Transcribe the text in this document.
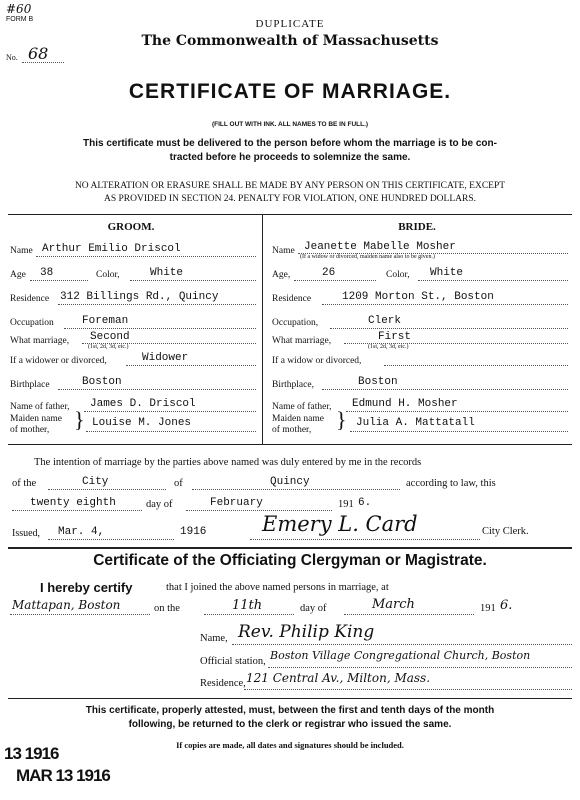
#60
FORM B
No. 68
DUPLICATE
The Commonwealth of Massachusetts
CERTIFICATE OF MARRIAGE.
(FILL OUT WITH INK. ALL NAMES TO BE IN FULL.)
This certificate must be delivered to the person before whom the marriage is to be con-
tracted before he proceeds to solemnize the same.
NO ALTERATION OR ERASURE SHALL BE MADE BY ANY PERSON ON THIS CERTIFICATE, EXCEPT
AS PROVIDED IN SECTION 24. PENALTY FOR VIOLATION, ONE HUNDRED DOLLARS.
GROOM.
Name Arthur Emilio Driscol
Age 38	Color,	White
Residence 312 Billings Rd., Quincy
Occupation	Foreman
What marriage, Second
(1st, 2d, 3d, etc.)
If a widower or divorced,	Widower
Birthplace	Boston
Name of father, James D. Driscol
Maiden name
of mother, } Louise M. Jones
BRIDE.
Name Jeanette Mabelle Mosher
(If a widow or divorced, maiden name also to be given.)
Age,	26	Color, White
Residence	1209 Morton St., Boston
Occupation,	Clerk
What marriage,	First
(1st, 2d, 3d, etc.)
If a widow or divorced,
Birthplace,	Boston
Name of father, Edmund H. Mosher
Maiden name
of mother, } Julia A. Mattatall
The intention of marriage by the parties above named was duly entered by me in the records
of the	City	of	Quincy	according to law, this
twenty eighth	day of	February	191 6.
Issued, Mar. 4,	1916	Emery L. Card	City Clerk.
Certificate of the Officiating Clergyman or Magistrate.
I hereby certify	that I joined the above named persons in marriage, at
Mattapan, Boston	on the	11th	day of	March	191 6.
Name, Rev. Philip King
Official station, Boston Village Congregational Church, Boston
Residence, 121 Central Av., Milton, Mass.
This certificate, properly attested, must, between the first and tenth days of the month
following, be returned to the clerk or registrar who issued the same.
If copies are made, all dates and signatures should be included.
13 1916
MAR 13 1916
